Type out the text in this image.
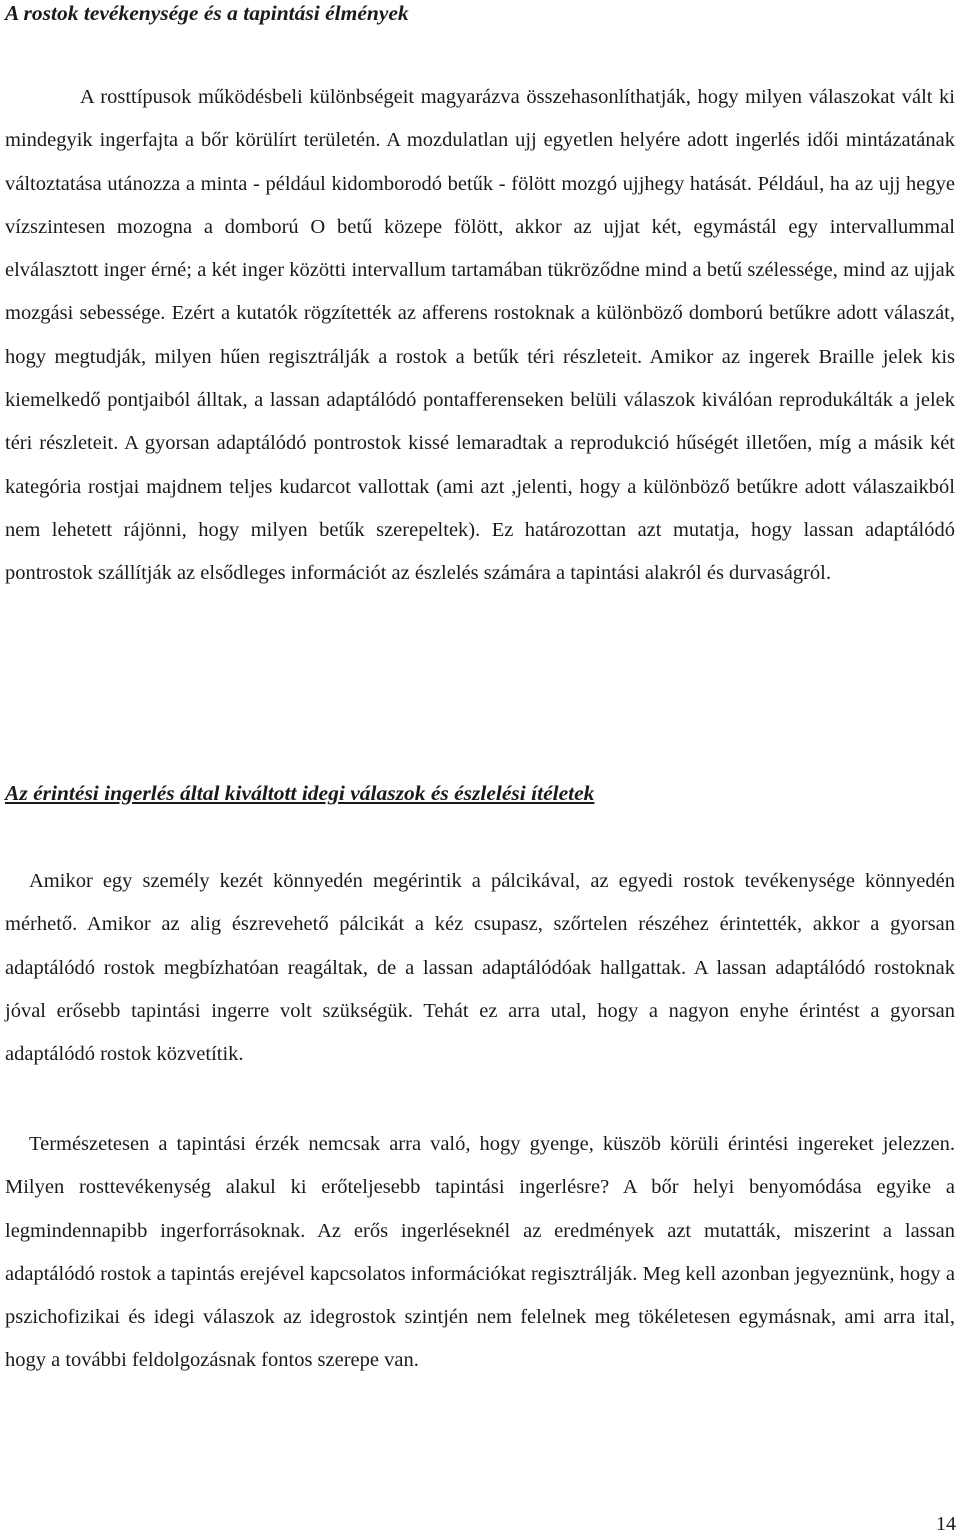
A rostok tevékenysége és a tapintási élmények

A rosttípusok működésbeli különbségeit magyarázva összehasonlíthatják, hogy milyen válaszokat vált ki mindegyik ingerfajta a bőr körülírt területén. A mozdulatlan ujj egyetlen helyére adott ingerlés idői mintázatának változtatása utánozza a minta - például kidomborodó betűk - fölött mozgó ujjhegy hatását. Például, ha az ujj hegye vízszintesen mozogna a domború O betű közepe fölött, akkor az ujjat két, egymástál egy intervallummal elválasztott inger érné; a két inger közötti intervallum tartamában tükröződne mind a betű szélessége, mind az ujjak mozgási sebessége. Ezért a kutatók rögzítették az afferens rostoknak a különböző domború betűkre adott válaszát, hogy megtudják, milyen hűen regisztrálják a rostok a betűk téri részleteit. Amikor az ingerek Braille jelek kis kiemelkedő pontjaiból álltak, a lassan adaptálódó pontafferenseken belüli válaszok kiválóan reprodukálták a jelek téri részleteit. A gyorsan adaptálódó pontrostok kissé lemaradtak a reprodukció hűségét illetően, míg a másik két kategória rostjai majdnem teljes kudarcot vallottak (ami azt ,jelenti, hogy a különböző betűkre adott válaszaikból nem lehetett rájönni, hogy milyen betűk szerepeltek). Ez határozottan azt mutatja, hogy lassan adaptálódó pontrostok szállítják az elsődleges információt az észlelés számára a tapintási alakról és durvaságról.

Az érintési ingerlés által kiváltott idegi válaszok és észlelési ítéletek

Amikor egy személy kezét könnyedén megérintik a pálcikával, az egyedi rostok tevékenysége könnyedén mérhető. Amikor az alig észrevehető pálcikát a kéz csupasz, szőrtelen részéhez érintették, akkor a gyorsan adaptálódó rostok megbízhatóan reagáltak, de a lassan adaptálódóak hallgattak. A lassan adaptálódó rostoknak jóval erősebb tapintási ingerre volt szükségük. Tehát ez arra utal, hogy a nagyon enyhe érintést a gyorsan adaptálódó rostok közvetítik.

Természetesen a tapintási érzék nemcsak arra való, hogy gyenge, küszöb körüli érintési ingereket jelezzen. Milyen rosttevékenység alakul ki erőteljesebb tapintási ingerlésre? A bőr helyi benyomódása egyike a legmindennapibb ingerforrásoknak. Az erős ingerléseknél az eredmények azt mutatták, miszerint a lassan adaptálódó rostok a tapintás erejével kapcsolatos információkat regisztrálják. Meg kell azonban jegyeznünk, hogy a pszichofizikai és idegi válaszok az idegrostok szintjén nem felelnek meg tökéletesen egymásnak, ami arra ital, hogy a további feldolgozásnak fontos szerepe van.

14
